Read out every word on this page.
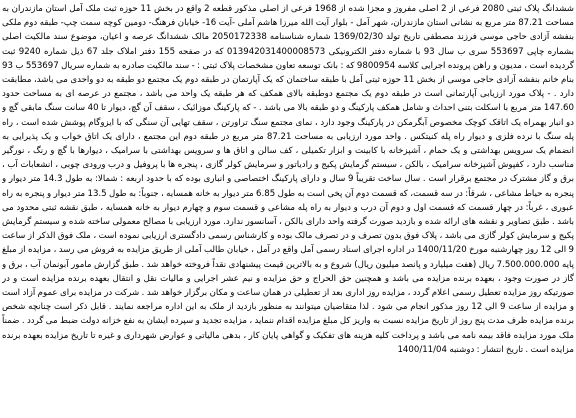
ششدانگ پلاک ثبتی 2080 فرعی از 2 اصلی مفروز و مجزا شده از 1968 فرعی از اصلی مذکور قطعه 2 واقع در بخش 11 حوزه ثبت ملک آمل استان مازندران به مساحت 87.21 متر مربع به نشانی استان مازندران، شهر آمل - بلوار آیت الله میرزا هاشم آملی -آیت 16- خیابان فرهنگ- دومین کوچه سمت چپ- طبقه دوم ملکی بنفشه آزادی حاجی موسی فرزند مصطفی تاریخ تولد 1369/02/30 شماره شناسنامه 2050172338 مالک ششدانگ عرصه و اعیان، موضوع سند مالکیت اصلی بشماره چاپی 553697 سری ب سال 93 با شماره دفتر الکترونیکی 013942031400008573 که در صفحه 155 دفتر املاک جلد 67 ذیل شماره 9240 ثبت گردیده است ، مدیون و راهن پرونده اجرایی کلاسه 9800954 که : بانک توسعه تعاون مشخصات پلاک ثبتی : - سند مالکیت صادره به شماره سریال 553697 ب 93 بنام خانم بنفشه آزادی حاجی موسی از بخش 11 حوزه ثبتی آمل با طبقه ساختمان که یک آپارتمان در طبقه دوم یک مجتمع دو طبقه به دو واحدی می باشد، مطابقت دارد . - پلاک مورد ارزیابی آپارتمانی است در طبقه دوم یک مجتمع دوطبقه بالای همکف که هر طبقه یک واحد می باشد ، مجتمع در عرصه ای به مساحت حدود 147.60 متر مربع با اسکلت بتنی احداث و شامل همکف پارکینگ و دو طبقه بالا می باشد . - که پارکینگ موزائیک ، سقف آن گچ، دیوار تا 40 سانت سنگ مابقی گچ و دو انبار بهمراه یک اتاقک کوچک مخصوص آبگرمکن در پارکینگ وجود دارد ، نمای مجتمع سنگ تراورتن ، سقف تهایی آن سنگی که با ایزوگام پوشش شده است ، راه پله سنگ با نرده فلزی و دیوار راه پله کنیتکس . واحد مورد ارزیابی به مساحت 87.21 متر مربع در طبقه دوم این مجتمع ، دارای یک اتاق خواب و یک پذیرایی به انضمام یک سرویس بهداشتی و یک حمام ، آشپزخانه با کابینت و ابزار تکمیلی ، کف سالن و اتاق ها و سرویس بهداشتی با سرامیک ، دیوارها با گچ و رنگ ، نورگیر مناسب دارد ، کفپوش آشپزخانه سرامیک ، بالکن ، سیستم گرمایش پکیج و رادیاتور و سرمایش کولر گازی ، پنجره ها با پروفیل و درب ورودی چوبی ، انشعابات آب ، برق و گاز مشترک در مجتمع برقرار است . سال ساخت تقریباً 9 سال و دارای پارکینگ اختصاصی و انباری بوده که با حدود اربعه : شمالا: به طول 14.3 متر دیوار و پنجره به حیاط مشاعی ، شرقاً: در سه قسمت، که قسمت دوم آن پخی است به طول 6.85 متر دیوار به خانه همسایه ، جنوباً: به طول 13.5 متر دیوار و پنجره به راه عبوری ، غرباً: در چهار قسمت که قسمت اول و دوم آن درب و دیوار به راه پله مشاعی و قسمت سوم و چهارم دیوار به خانه همسایه ، طبق نقشه ثبتی محدود می باشد . طبق تصاویر و نقشه های ارائه شده و بازدید صورت گرفته واحد دارای بالکن ، آسانسور ندارد. مورد ارزیابی با مصالح معمولی ساخته شده و سیستم گرمایش پکیج و سرمایش کولر گازی می باشد ، پلاک فوق بدون تصرف و در تصرف مالک بوده و کارشناس رسمی دادگستری ارزیابی نموده است ، ملک فوق الذکر از ساعت 9 الی 12 روز چهارشنبه مورخ 1400/11/20 در اداره اجرای اسناد رسمی آمل واقع در آمل ، خیابان طالب آملی از طریق مزایده به فروش می رسد ، مزایده از مبلغ پایه 7.500.000.000 ریال (هفت میلیارد و پانصد میلیون ریال) شروع و به بالاترین قیمت پیشنهادی نقداً فروخته خواهد شد . طبق گزارش مامور آبونمان آب ، برق و گاز در صورت وجود ، بعهده برنده مزایده می باشد و همچنین حق الحراج و حق مزایده و نیم عشر اجرایی و مالیات نقل و انتقال بعهده برنده مزایده است و در صورتیکه روز مزایده تعطیل رسمی اعلام گردد ، مزایده روز اداری بعد از تعطیلی در همان ساعت و مکان برگزار خواهد شد . شرکت در مزایده برای عموم آزاد است و مزایده از ساعت 9 الی 12 روز مذکور انجام می شود . لذا متقاضیان میتوانند به منظور بازدید از ملک به این اداره مراجعه نمایند . قابل ذکر است چنانچه شخص برنده مزایده ظرف مدت پنج روز از تاریخ مزایده نسبت به واریز کل مبلغ مزایده اقدام ننماید ، مزایده تجدید و سپرده ایشان به نفع خزانه دولت ضبط می گردد . ضمناً ملک مورد مزایده فاقد بیمه نامه می باشد و پرداخت کلیه هزینه های تفکیک و گواهی پایان کار ، بدهی مالیاتی و عوارض شهرداری و غیره تا تاریخ مزایده بعهده برنده مزایده است . تاریخ انتشار : دوشنبه 1400/11/04
